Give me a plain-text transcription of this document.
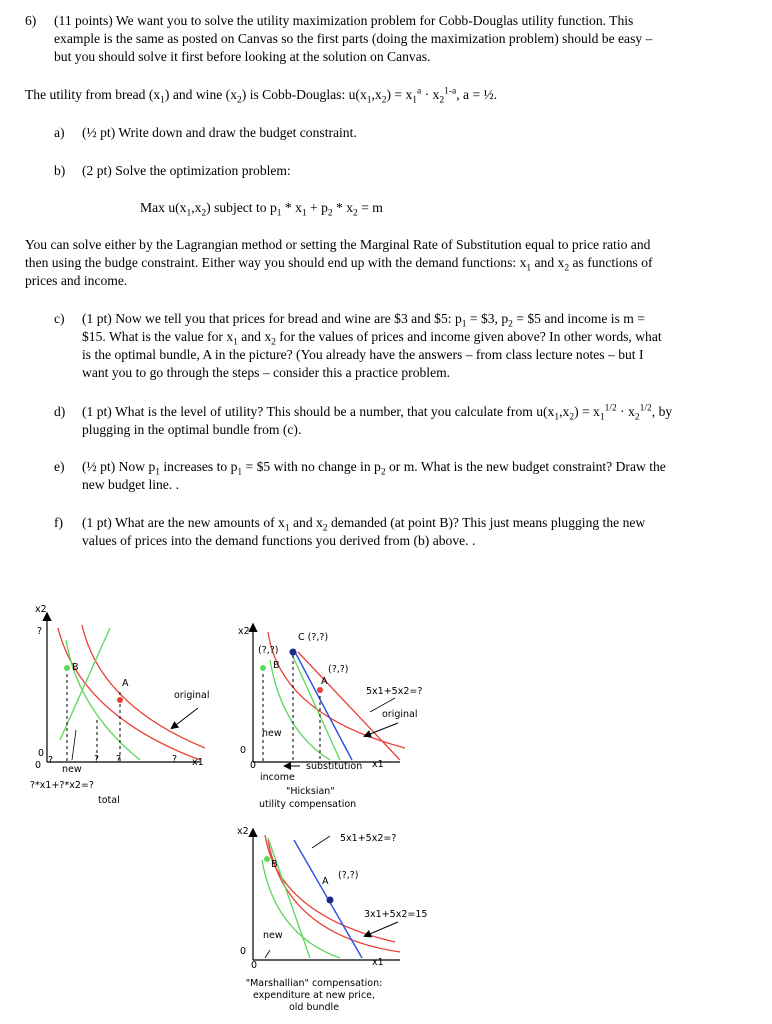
6) (11 points) We want you to solve the utility maximization problem for Cobb-Douglas utility function. This
example is the same as posted on Canvas so the first parts (doing the maximization problem) should be easy –
but you should solve it first before looking at the solution on Canvas.
The utility from bread $(x_1)$ and wine $(x_2)$ is Cobb-Douglas: $u(x_1,x_2) = x_1^a \cdot x_2^{1-a}$, a = ½.
a) (½ pt) Write down and draw the budget constraint.
b) (2 pt) Solve the optimization problem:
Max $u(x_1,x_2)$ subject to $p_1 * x_1 + p_2 * x_2 = m$
You can solve either by the Lagrangian method or setting the Marginal Rate of Substitution equal to price ratio and
then using the budge constraint. Either way you should end up with the demand functions: $x_1$ and $x_2$ as functions of
prices and income.
c) (1 pt) Now we tell you that prices for bread and wine are $3 and $5: $p_1$ = $3, $p_2$ = $5 and income is m =
$15. What is the value for $x_1$ and $x_2$ for the values of prices and income given above? In other words, what
is the optimal bundle, A in the picture? (You already have the answers – from class lecture notes – but I
want you to go through the steps – consider this a practice problem.
d) (1 pt) What is the level of utility? This should be a number, that you calculate from $u(x_1,x_2) = x_1^{1/2} \cdot x_2^{1/2}$, by
plugging in the optimal bundle from (c).
e) (½ pt) Now $p_1$ increases to $p_1$ = $5 with no change in $p_2$ or m. What is the new budget constraint? Draw the
new budget line. .
f) (1 pt) What are the new amounts of $x_1$ and $x_2$ demanded (at point B)? This just means plugging the new
values of prices into the demand functions you derived from (b) above. .
x2
?
B
A
original
0
0 ?	? ?	? x1
new
?*x1+?*x2=?
total
x2
C (?,?)
(?,?)
B	(?,?)
A
5x1+5x2=?
original
new
0
0	substitution x1
income
"Hicksian"
utility compensation
x2
5x1+5x2=?
B
(?,?)
A
3x1+5x2=15
new
0
0	x1
"Marshallian" compensation:
expenditure at new price,
old bundle
